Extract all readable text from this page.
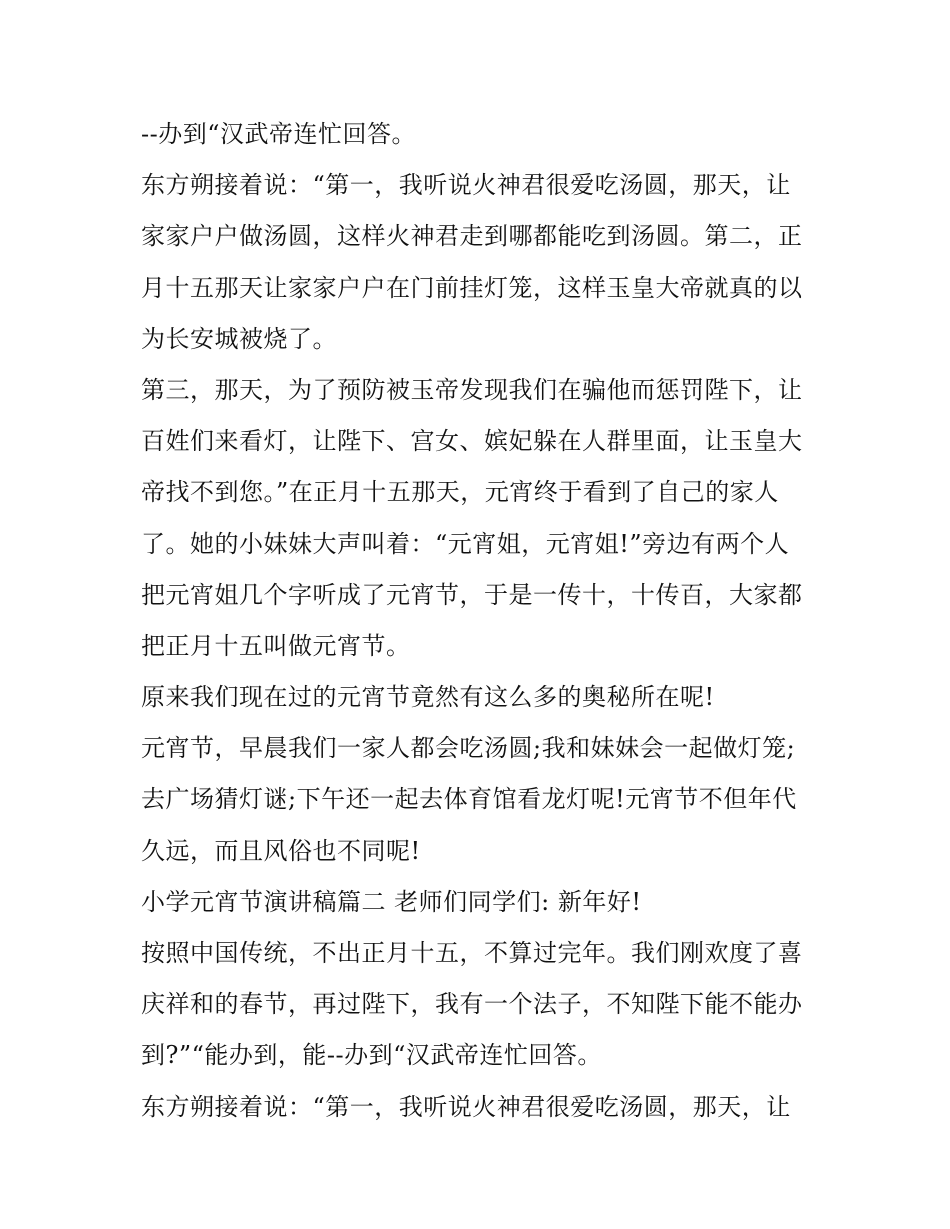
--办到“汉武帝连忙回答。
东方朔接着说：“第一，我听说火神君很爱吃汤圆，那天，让
家家户户做汤圆，这样火神君走到哪都能吃到汤圆。第二，正
月十五那天让家家户户在门前挂灯笼，这样玉皇大帝就真的以
为长安城被烧了。
第三，那天，为了预防被玉帝发现我们在骗他而惩罚陛下，让
百姓们来看灯，让陛下、宫女、嫔妃躲在人群里面，让玉皇大
帝找不到您。”在正月十五那天，元宵终于看到了自己的家人
了。她的小妹妹大声叫着：“元宵姐，元宵姐!”旁边有两个人
把元宵姐几个字听成了元宵节，于是一传十，十传百，大家都
把正月十五叫做元宵节。
原来我们现在过的元宵节竟然有这么多的奥秘所在呢!
元宵节，早晨我们一家人都会吃汤圆;我和妹妹会一起做灯笼;
去广场猜灯谜;下午还一起去体育馆看龙灯呢!元宵节不但年代
久远，而且风俗也不同呢!
小学元宵节演讲稿篇二 老师们同学们: 新年好!
按照中国传统，不出正月十五，不算过完年。我们刚欢度了喜
庆祥和的春节，再过陛下，我有一个法子，不知陛下能不能办
到?”“能办到，能--办到“汉武帝连忙回答。
东方朔接着说：“第一，我听说火神君很爱吃汤圆，那天，让
